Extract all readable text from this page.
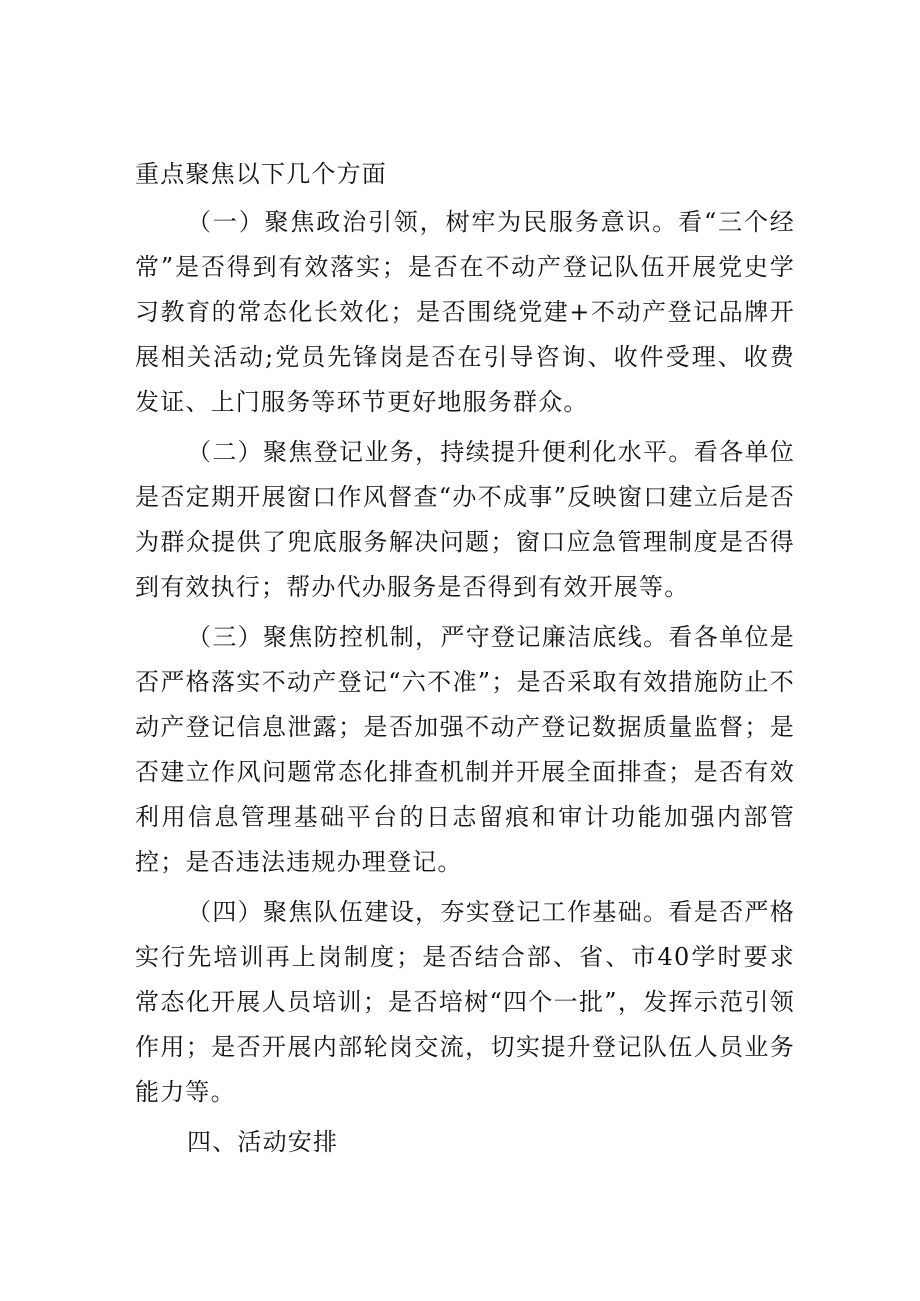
重点聚焦以下几个方面

（一）聚焦政治引领，树牢为民服务意识。看“三个经常”是否得到有效落实；是否在不动产登记队伍开展党史学习教育的常态化长效化；是否围绕党建+不动产登记品牌开展相关活动;党员先锋岗是否在引导咨询、收件受理、收费发证、上门服务等环节更好地服务群众。

（二）聚焦登记业务，持续提升便利化水平。看各单位是否定期开展窗口作风督查“办不成事”反映窗口建立后是否为群众提供了兜底服务解决问题；窗口应急管理制度是否得到有效执行；帮办代办服务是否得到有效开展等。

（三）聚焦防控机制，严守登记廉洁底线。看各单位是否严格落实不动产登记“六不准”；是否采取有效措施防止不动产登记信息泄露；是否加强不动产登记数据质量监督；是否建立作风问题常态化排查机制并开展全面排查；是否有效利用信息管理基础平台的日志留痕和审计功能加强内部管控；是否违法违规办理登记。

（四）聚焦队伍建设，夯实登记工作基础。看是否严格实行先培训再上岗制度；是否结合部、省、市40学时要求常态化开展人员培训；是否培树“四个一批”，发挥示范引领作用；是否开展内部轮岗交流，切实提升登记队伍人员业务能力等。

四、活动安排
